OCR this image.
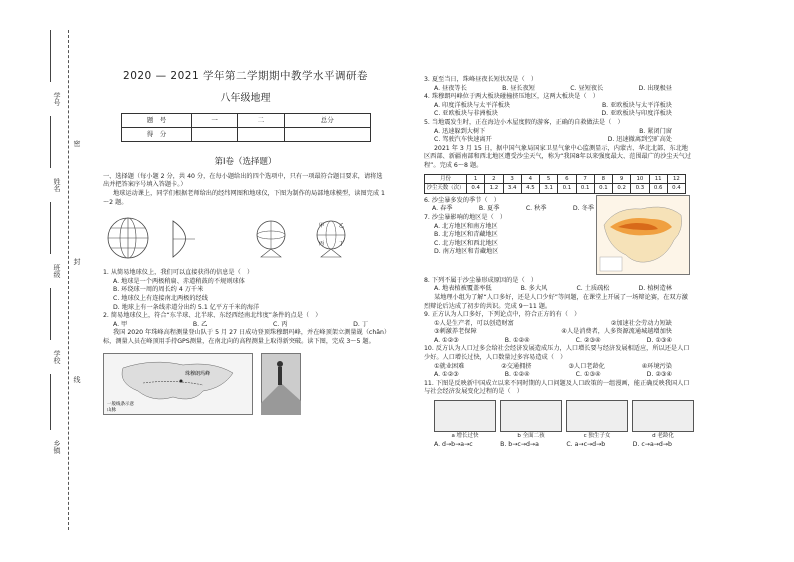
学号
姓名
班级
学校
乡镇
密
封
线
2020 — 2021 学年第二学期期中教学水平调研卷
八年级地理
题　号	一	二	总分
得　分			
第Ⅰ卷（选择题）

一、选择题（每小题 2 分，共 40 分，在每小题给出的四个选项中，只有一项最符合题目要求，请将选出并把答案序号填入答题卡。）

地球运动课上，同学们根据老师给出的经纬网图和地球仪，下图为制作的局部地球模型，读图完成 1～2 题。

甲	乙
丙	丁

1. 从简易地球仪上，我们可以直接获得的信息是（　）

A. 地球是一个两极稍扁、赤道稍鼓的不规则球体

B. 环绕球一周的周长约 4 万千米

C. 地球仪上有连接南北两极的经线

D. 地球上有一条线赤道分出约 5.1 亿平方千米的海洋

2. 简易地球仪上，符合“东半球、北半球、东经西经南北纬度”条件的点是（　）

A. 甲	B. 乙	C. 丙	D. 丁

我国 2020 年珠峰高程测量登山队于 5 月 27 日成功登顶珠穆朗玛峰，并在峰顶架立测量觇（chān）标，测量人员在峰顶用手持GPS测量，在南北向的高程测量上取得新突破。读下图，完成 3～5 题。

珠穆朗玛峰
一般线条示意
山脉

3. 夏至当日，珠峰昼夜长短状况是（　）

A. 昼夜等长	B. 昼长夜短	C. 昼短夜长	D. 出现极昼

4. 珠穆朗玛峰位于两大板块碰撞挤压地区，这两大板块是（　）

A. 印度洋板块与太平洋板块	B. 亚欧板块与太平洋板块
C. 亚欧板块与非洲板块	D. 亚欧板块与印度洋板块

5. 当地震发生时，正在海边小木屋度假的游客，正确的自救做法是（　）

A. 迅速躲到大树下	B. 紧闭门窗
C. 驾驶汽车快速离开	D. 迅速撤离到空旷高处

2021 年 3 月 15 日，据中国气象局国家卫星气象中心监测显示，内蒙古、华北北部、东北地区西部、新疆南部和西北地区遭受沙尘天气，称为“我国8年以来强度最大、范围最广的沙尘天气过程”。完成 6～8 题。

月份	1	2	3	4	5	6	7	8	9	10	11	12
沙尘天数（次）	0.4	1.2	3.4	4.5	3.1	0.1	0.1	0.1	0.2	0.3	0.6	0.4

6. 沙尘暴多发的季节（　）

A. 春季	B. 夏季	C. 秋季	D. 冬季

7. 沙尘暴影响的地区是（　）

A. 北方地区和南方地区

B. 北方地区和青藏地区

C. 北方地区和西北地区

D. 南方地区和青藏地区

8. 下列不属于沙尘暴形成原因的是（　）

A. 地表植被覆盖率低	B. 多大风	C. 土质疏松	D. 植树造林

某地理小组为了解“人口多好，还是人口少好”等问题，在课堂上开展了一场辩论赛，在双方激烈辩论后达成了初步的共识。完成 9～11 题。

9. 正方认为人口多好，下列论点中，符合正方的有（　）

①人是生产者，可以创造财富	②加速社会劳动力短缺
③刺激养老保障	④人是消费者，人多资源流通城越增加快
A. ①②③	B. ①②④	C. ②③④	D. ①③④

10. 反方认为人口过多会给社会经济发展造成压力，人口增长要与经济发展相适应，所以还是人口少好。人口增长过快，人口数量过多容易造成（　）

①就业困难	②交通拥挤	③人口老龄化	④环境污染
A. ①②③	B. ①②④	C. ①③④	D. ②③④

11. 下图是反映新中国成立以来不同时期的人口问题及人口政策的一组漫画，能正确反映我国人口与社会经济发展变化过程的是（　）

a 增长过快	b 全面二孩	c 独生子女	d 老龄化
A. d→b→a→c	B. b→c→d→a	C. a→c→d→b	D. c→a→d→b
